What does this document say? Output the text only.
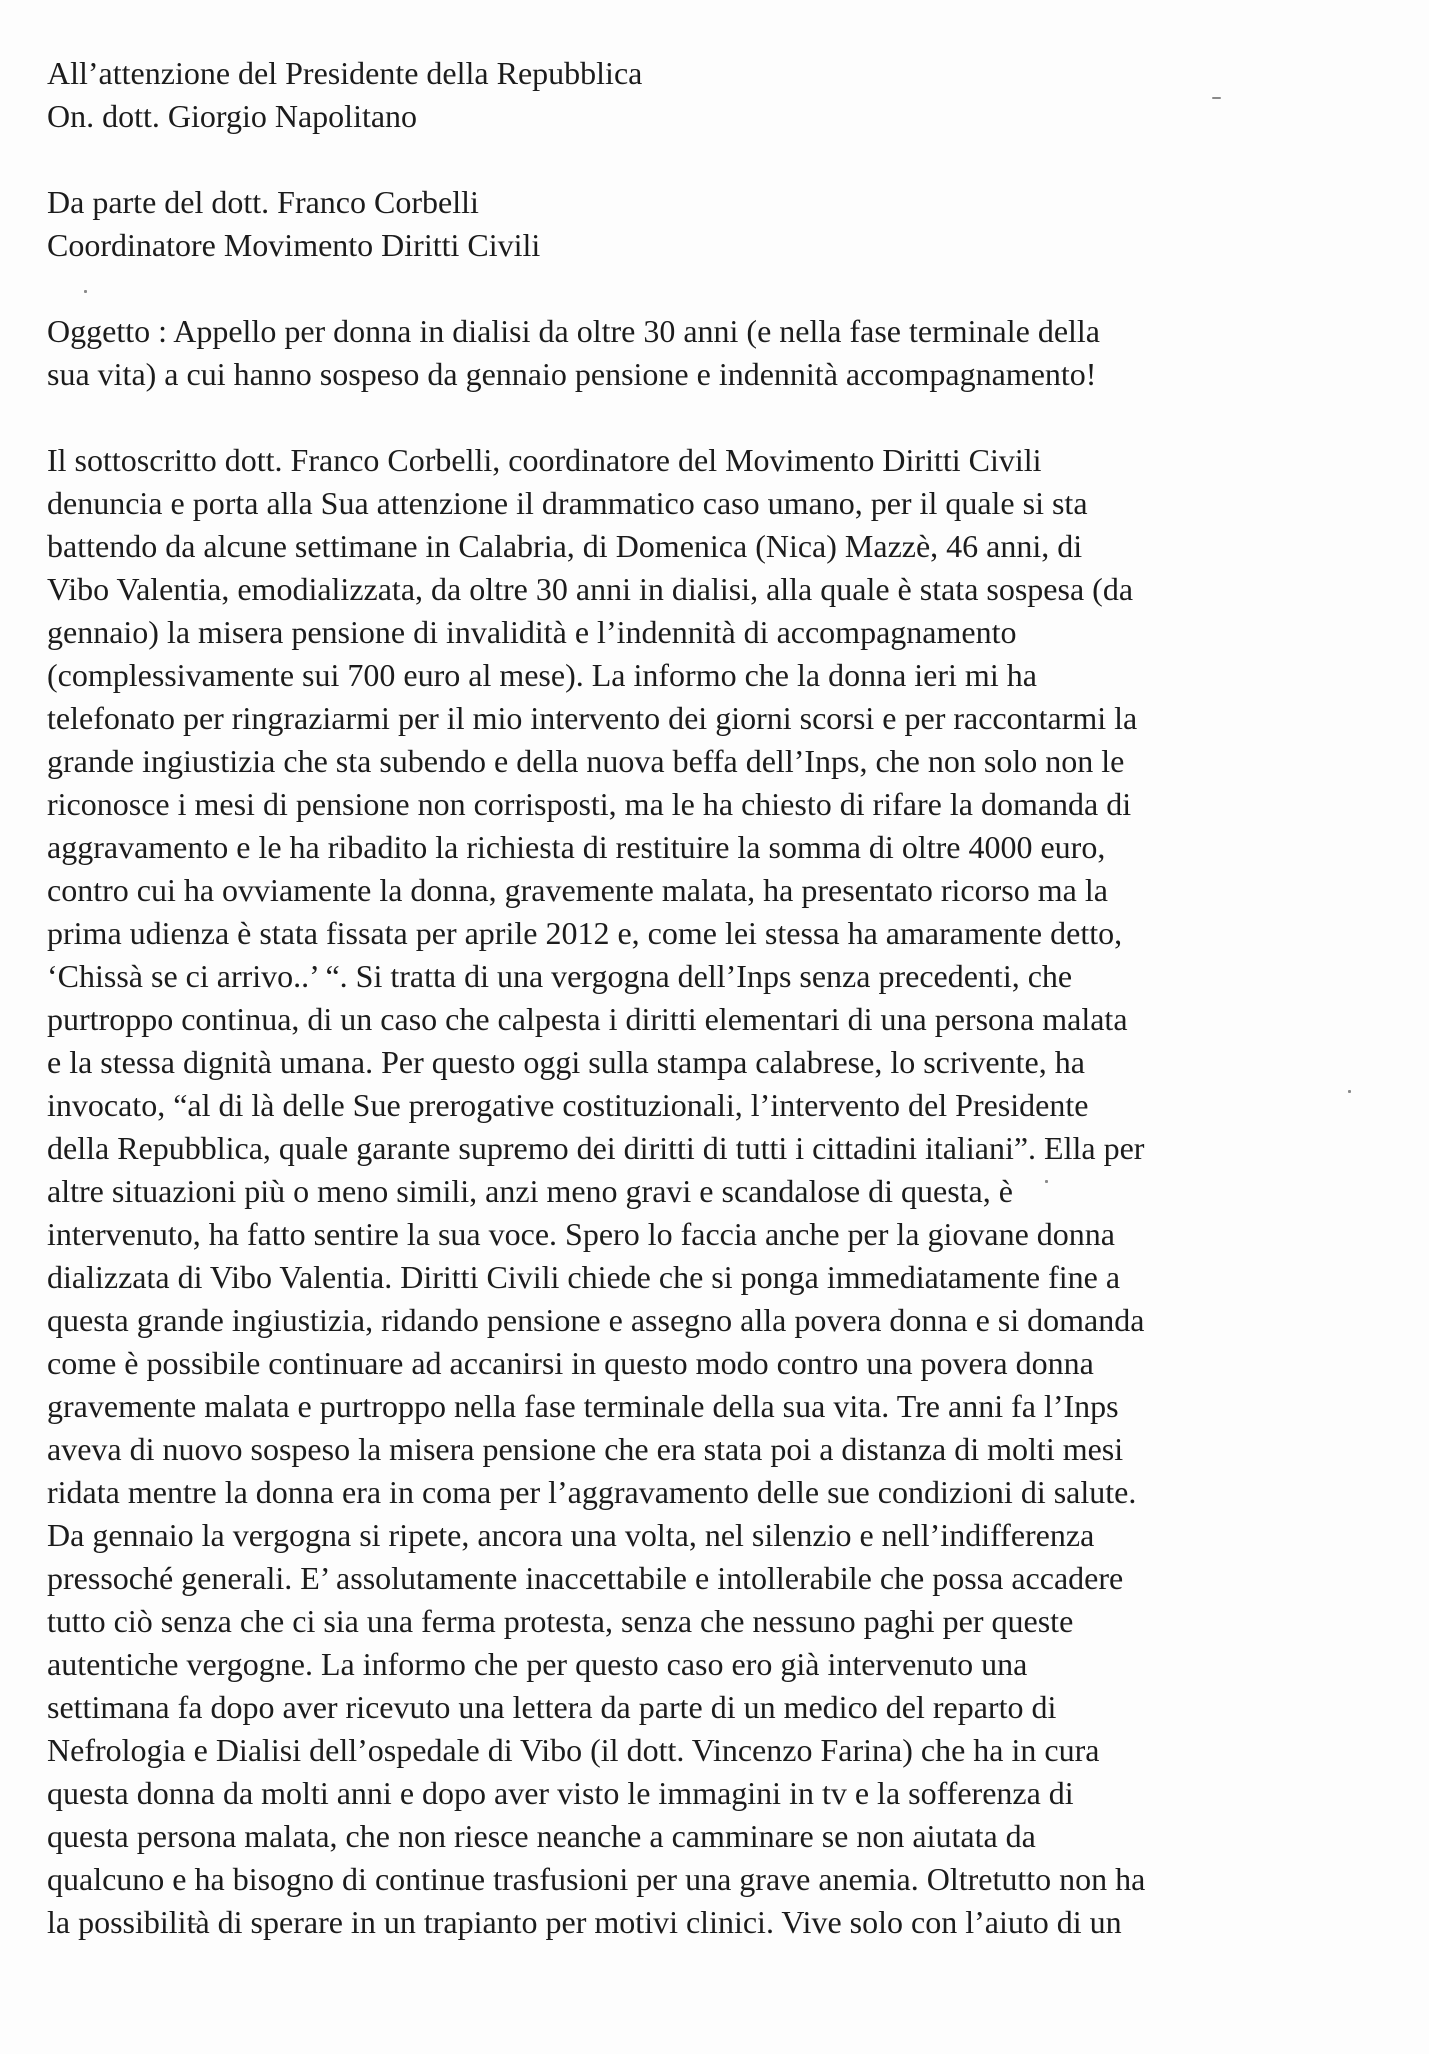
All’attenzione del Presidente della Repubblica
On. dott. Giorgio Napolitano
Da parte del dott. Franco Corbelli
Coordinatore Movimento Diritti Civili
Oggetto : Appello per donna in dialisi da oltre 30 anni (e nella fase terminale della
sua vita) a cui hanno sospeso da gennaio pensione e indennità accompagnamento!
Il sottoscritto dott. Franco Corbelli, coordinatore del Movimento Diritti Civili
denuncia e porta alla Sua attenzione il drammatico caso umano, per il quale si sta
battendo da alcune settimane in Calabria, di Domenica (Nica) Mazzè, 46 anni, di
Vibo Valentia, emodializzata, da oltre 30 anni in dialisi, alla quale è stata sospesa (da
gennaio) la misera pensione di invalidità e l’indennità di accompagnamento
(complessivamente sui 700 euro al mese). La informo che la donna ieri mi ha
telefonato per ringraziarmi per il mio intervento dei giorni scorsi e per raccontarmi la
grande ingiustizia che sta subendo e della nuova beffa dell’Inps, che non solo non le
riconosce i mesi di pensione non corrisposti, ma le ha chiesto di rifare la domanda di
aggravamento e le ha ribadito la richiesta di restituire la somma di oltre 4000 euro,
contro cui ha ovviamente la donna, gravemente malata, ha presentato ricorso ma la
prima udienza è stata fissata per aprile 2012 e, come lei stessa ha amaramente detto,
‘Chissà se ci arrivo..’ “. Si tratta di una vergogna dell’Inps senza precedenti, che
purtroppo continua, di un caso che calpesta i diritti elementari di una persona malata
e la stessa dignità umana. Per questo oggi sulla stampa calabrese, lo scrivente, ha
invocato, “al di là delle Sue prerogative costituzionali, l’intervento del Presidente
della Repubblica, quale garante supremo dei diritti di tutti i cittadini italiani”. Ella per
altre situazioni più o meno simili, anzi meno gravi e scandalose di questa, è
intervenuto, ha fatto sentire la sua voce. Spero lo faccia anche per la giovane donna
dializzata di Vibo Valentia. Diritti Civili chiede che si ponga immediatamente fine a
questa grande ingiustizia, ridando pensione e assegno alla povera donna e si domanda
come è possibile continuare ad accanirsi in questo modo contro una povera donna
gravemente malata e purtroppo nella fase terminale della sua vita. Tre anni fa l’Inps
aveva di nuovo sospeso la misera pensione che era stata poi a distanza di molti mesi
ridata mentre la donna era in coma per l’aggravamento delle sue condizioni di salute.
Da gennaio la vergogna si ripete, ancora una volta, nel silenzio e nell’indifferenza
pressoché generali. E’ assolutamente inaccettabile e intollerabile che possa accadere
tutto ciò senza che ci sia una ferma protesta, senza che nessuno paghi per queste
autentiche vergogne. La informo che per questo caso ero già intervenuto una
settimana fa dopo aver ricevuto una lettera da parte di un medico del reparto di
Nefrologia e Dialisi dell’ospedale di Vibo (il dott. Vincenzo Farina) che ha in cura
questa donna da molti anni e dopo aver visto le immagini in tv e la sofferenza di
questa persona malata, che non riesce neanche a camminare se non aiutata da
qualcuno e ha bisogno di continue trasfusioni per una grave anemia. Oltretutto non ha
la possibilità di sperare in un trapianto per motivi clinici. Vive solo con l’aiuto di un
